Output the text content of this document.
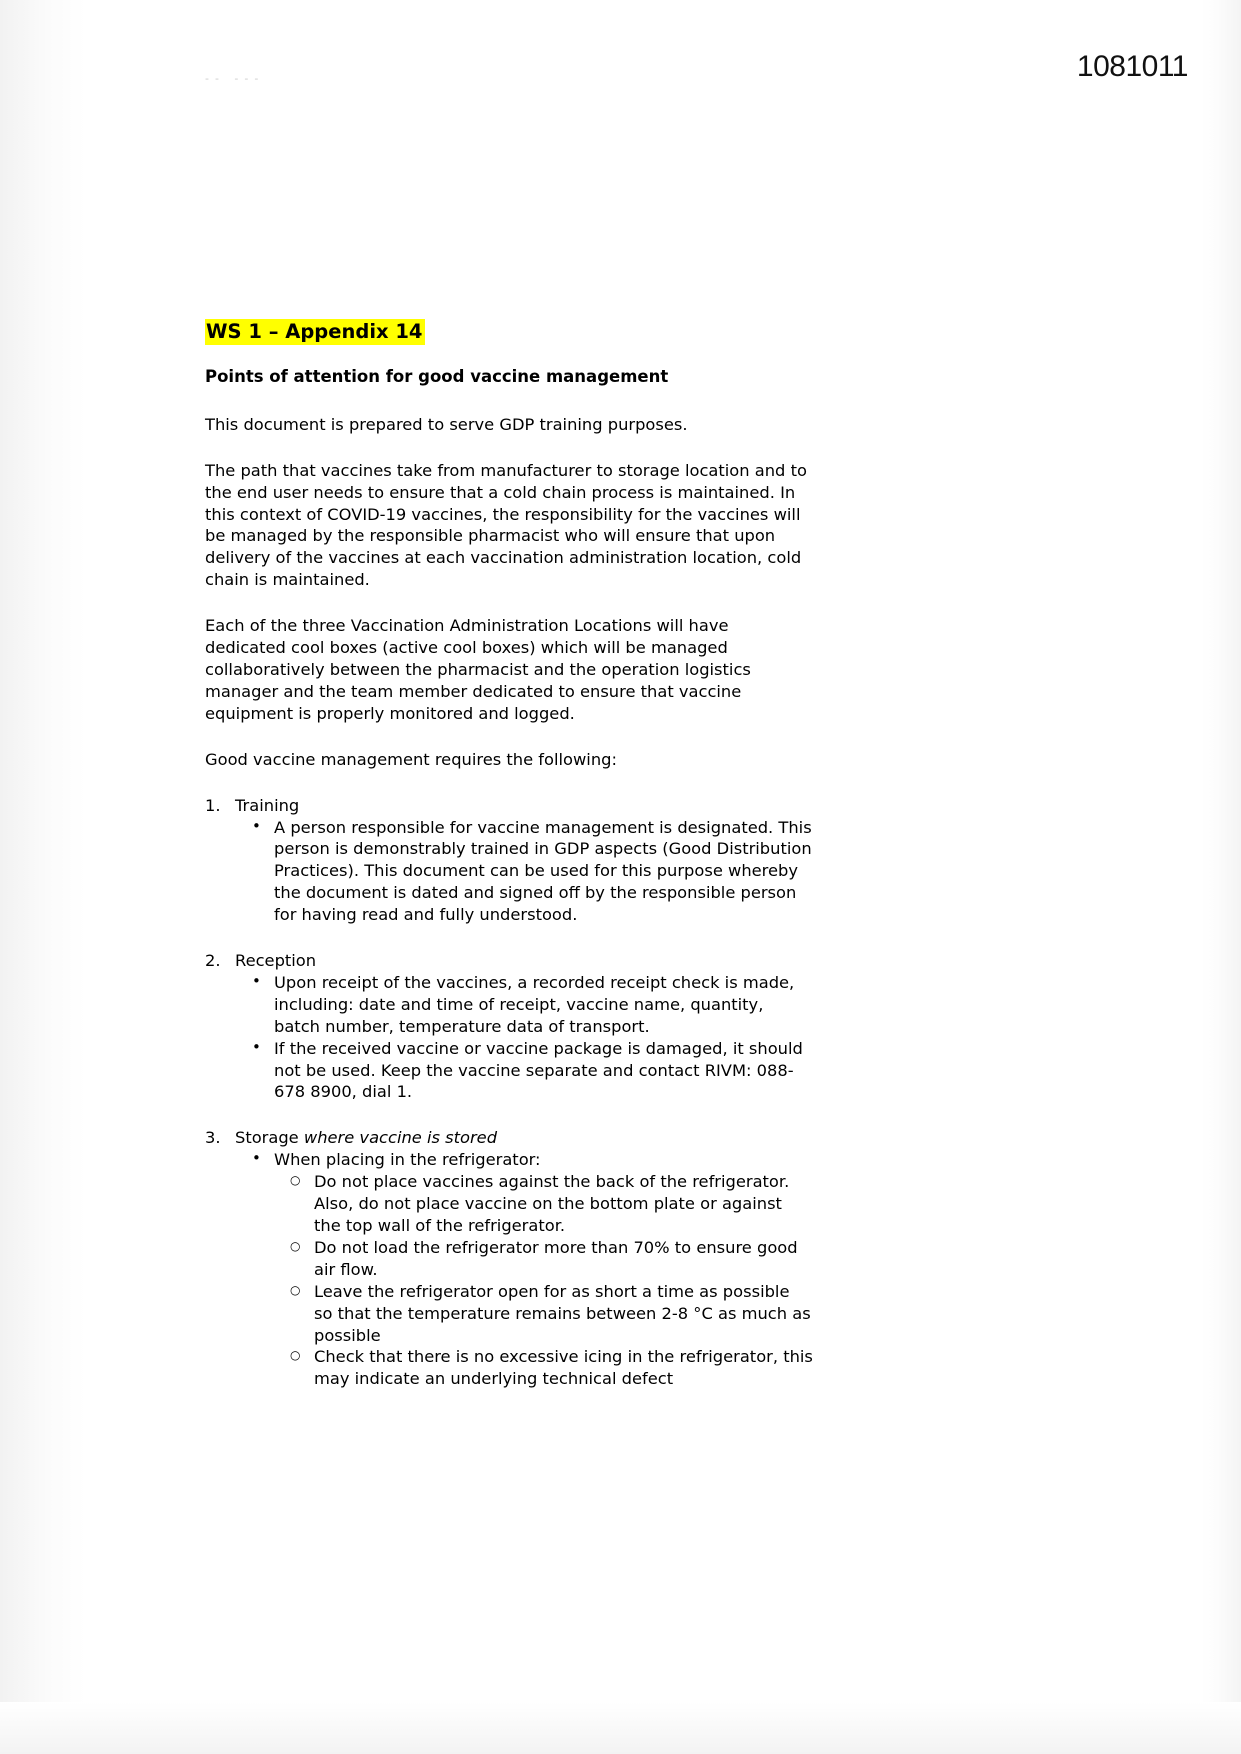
-- ---	1081011
WS 1 – Appendix 14
Points of attention for good vaccine management

This document is prepared to serve GDP training purposes.

The path that vaccines take from manufacturer to storage location and to the end user needs to ensure that a cold chain process is maintained. In this context of COVID-19 vaccines, the responsibility for the vaccines will be managed by the responsible pharmacist who will ensure that upon delivery of the vaccines at each vaccination administration location, cold chain is maintained.

Each of the three Vaccination Administration Locations will have dedicated cool boxes (active cool boxes) which will be managed collaboratively between the pharmacist and the operation logistics manager and the team member dedicated to ensure that vaccine equipment is properly monitored and logged.

Good vaccine management requires the following:

1. Training
• A person responsible for vaccine management is designated. This person is demonstrably trained in GDP aspects (Good Distribution Practices). This document can be used for this purpose whereby the document is dated and signed off by the responsible person for having read and fully understood.
2. Reception
• Upon receipt of the vaccines, a recorded receipt check is made, including: date and time of receipt, vaccine name, quantity, batch number, temperature data of transport.
• If the received vaccine or vaccine package is damaged, it should not be used. Keep the vaccine separate and contact RIVM: 088-678 8900, dial 1.
3. Storage where vaccine is stored
• When placing in the refrigerator:
○ Do not place vaccines against the back of the refrigerator. Also, do not place vaccine on the bottom plate or against the top wall of the refrigerator.
○ Do not load the refrigerator more than 70% to ensure good air flow.
○ Leave the refrigerator open for as short a time as possible so that the temperature remains between 2-8 °C as much as possible
○ Check that there is no excessive icing in the refrigerator, this may indicate an underlying technical defect
